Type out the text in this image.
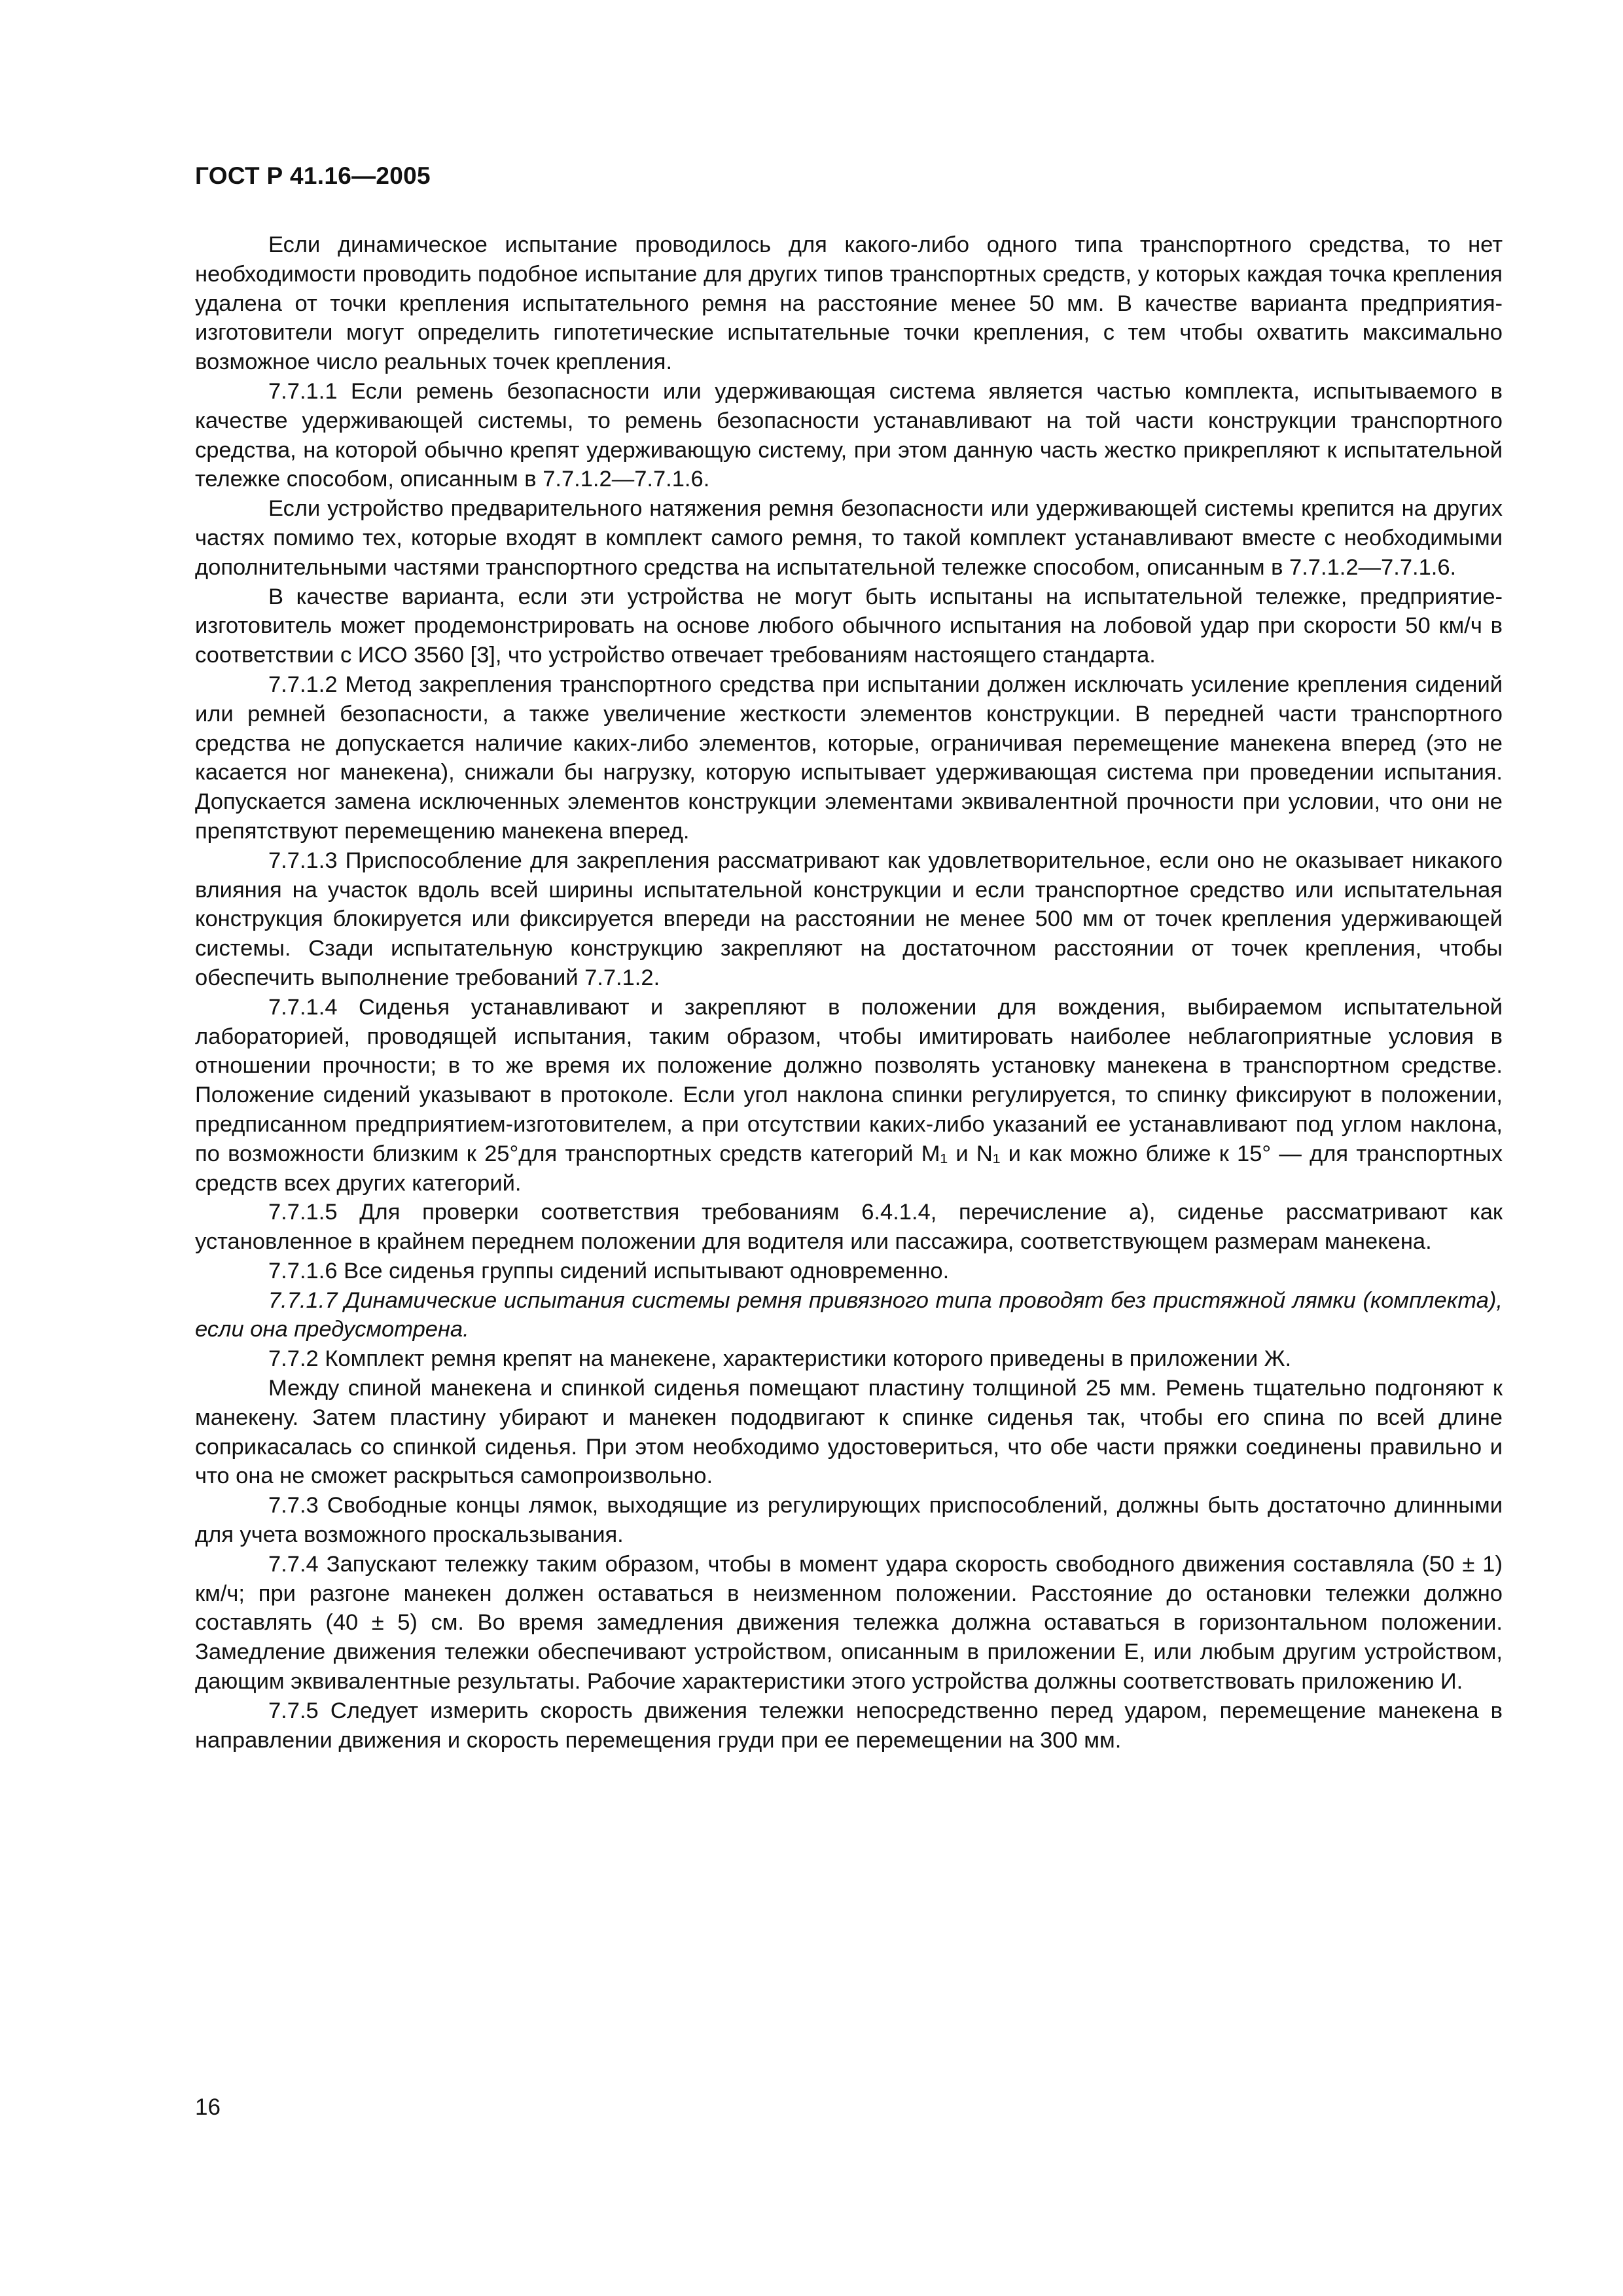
ГОСТ Р 41.16—2005

Если динамическое испытание проводилось для какого-либо одного типа транспортного средства, то нет необходимости проводить подобное испытание для других типов транспортных средств, у которых каждая точка крепления удалена от точки крепления испытательного ремня на расстояние менее 50 мм. В качестве варианта предприятия-изготовители могут определить гипотетические испытательные точки крепления, с тем чтобы охватить максимально возможное число реальных точек крепления.

7.7.1.1 Если ремень безопасности или удерживающая система является частью комплекта, испытываемого в качестве удерживающей системы, то ремень безопасности устанавливают на той части конструкции транспортного средства, на которой обычно крепят удерживающую систему, при этом данную часть жестко прикрепляют к испытательной тележке способом, описанным в 7.7.1.2—7.7.1.6.

Если устройство предварительного натяжения ремня безопасности или удерживающей системы крепится на других частях помимо тех, которые входят в комплект самого ремня, то такой комплект устанавливают вместе с необходимыми дополнительными частями транспортного средства на испытательной тележке способом, описанным в 7.7.1.2—7.7.1.6.

В качестве варианта, если эти устройства не могут быть испытаны на испытательной тележке, предприятие-изготовитель может продемонстрировать на основе любого обычного испытания на лобовой удар при скорости 50 км/ч в соответствии с ИСО 3560 [3], что устройство отвечает требованиям настоящего стандарта.

7.7.1.2 Метод закрепления транспортного средства при испытании должен исключать усиление крепления сидений или ремней безопасности, а также увеличение жесткости элементов конструкции. В передней части транспортного средства не допускается наличие каких-либо элементов, которые, ограничивая перемещение манекена вперед (это не касается ног манекена), снижали бы нагрузку, которую испытывает удерживающая система при проведении испытания. Допускается замена исключенных элементов конструкции элементами эквивалентной прочности при условии, что они не препятствуют перемещению манекена вперед.

7.7.1.3 Приспособление для закрепления рассматривают как удовлетворительное, если оно не оказывает никакого влияния на участок вдоль всей ширины испытательной конструкции и если транспортное средство или испытательная конструкция блокируется или фиксируется впереди на расстоянии не менее 500 мм от точек крепления удерживающей системы. Сзади испытательную конструкцию закрепляют на достаточном расстоянии от точек крепления, чтобы обеспечить выполнение требований 7.7.1.2.

7.7.1.4 Сиденья устанавливают и закрепляют в положении для вождения, выбираемом испытательной лабораторией, проводящей испытания, таким образом, чтобы имитировать наиболее неблагоприятные условия в отношении прочности; в то же время их положение должно позволять установку манекена в транспортном средстве. Положение сидений указывают в протоколе. Если угол наклона спинки регулируется, то спинку фиксируют в положении, предписанном предприятием-изготовителем, а при отсутствии каких-либо указаний ее устанавливают под углом наклона, по возможности близким к 25°для транспортных средств категорий M₁ и N₁ и как можно ближе к 15° — для транспортных средств всех других категорий.

7.7.1.5 Для проверки соответствия требованиям 6.4.1.4, перечисление а), сиденье рассматривают как установленное в крайнем переднем положении для водителя или пассажира, соответствующем размерам манекена.

7.7.1.6 Все сиденья группы сидений испытывают одновременно.

7.7.1.7 Динамические испытания системы ремня привязного типа проводят без пристяжной лямки (комплекта), если она предусмотрена.

7.7.2 Комплект ремня крепят на манекене, характеристики которого приведены в приложении Ж.

Между спиной манекена и спинкой сиденья помещают пластину толщиной 25 мм. Ремень тщательно подгоняют к манекену. Затем пластину убирают и манекен пододвигают к спинке сиденья так, чтобы его спина по всей длине соприкасалась со спинкой сиденья. При этом необходимо удостовериться, что обе части пряжки соединены правильно и что она не сможет раскрыться самопроизвольно.

7.7.3 Свободные концы лямок, выходящие из регулирующих приспособлений, должны быть достаточно длинными для учета возможного проскальзывания.

7.7.4 Запускают тележку таким образом, чтобы в момент удара скорость свободного движения составляла (50 ± 1) км/ч; при разгоне манекен должен оставаться в неизменном положении. Расстояние до остановки тележки должно составлять (40 ± 5) см. Во время замедления движения тележка должна оставаться в горизонтальном положении. Замедление движения тележки обеспечивают устройством, описанным в приложении Е, или любым другим устройством, дающим эквивалентные результаты. Рабочие характеристики этого устройства должны соответствовать приложению И.

7.7.5 Следует измерить скорость движения тележки непосредственно перед ударом, перемещение манекена в направлении движения и скорость перемещения груди при ее перемещении на 300 мм.

16
